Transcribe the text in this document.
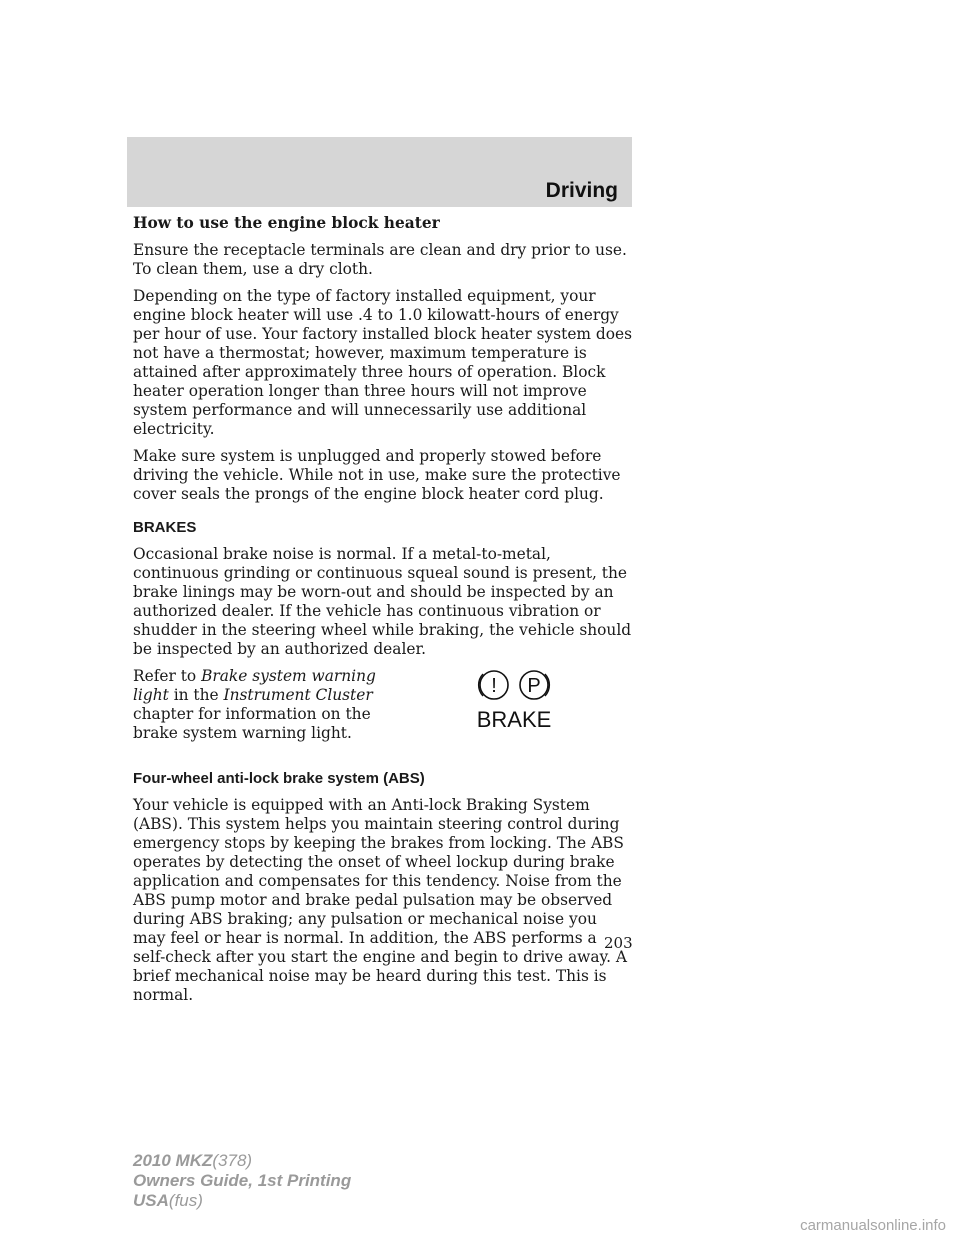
Driving
How to use the engine block heater

Ensure the receptacle terminals are clean and dry prior to use. To clean them, use a dry cloth.

Depending on the type of factory installed equipment, your engine block heater will use .4 to 1.0 kilowatt-hours of energy per hour of use. Your factory installed block heater system does not have a thermostat; however, maximum temperature is attained after approximately three hours of operation. Block heater operation longer than three hours will not improve system performance and will unnecessarily use additional electricity.

Make sure system is unplugged and properly stowed before driving the vehicle. While not in use, make sure the protective cover seals the prongs of the engine block heater cord plug.

BRAKES

Occasional brake noise is normal. If a metal-to-metal, continuous grinding or continuous squeal sound is present, the brake linings may be worn-out and should be inspected by an authorized dealer. If the vehicle has continuous vibration or shudder in the steering wheel while braking, the vehicle should be inspected by an authorized dealer.

Refer to Brake system warning light in the Instrument Cluster chapter for information on the brake system warning light.
! P
BRAKE
Four-wheel anti-lock brake system (ABS)

Your vehicle is equipped with an Anti-lock Braking System (ABS). This system helps you maintain steering control during emergency stops by keeping the brakes from locking. The ABS operates by detecting the onset of wheel lockup during brake application and compensates for this tendency. Noise from the ABS pump motor and brake pedal pulsation may be observed during ABS braking; any pulsation or mechanical noise you may feel or hear is normal. In addition, the ABS performs a self-check after you start the engine and begin to drive away. A brief mechanical noise may be heard during this test. This is normal.

203
2010 MKZ(378)
Owners Guide, 1st Printing
USA(fus)
carmanualsonline.info
